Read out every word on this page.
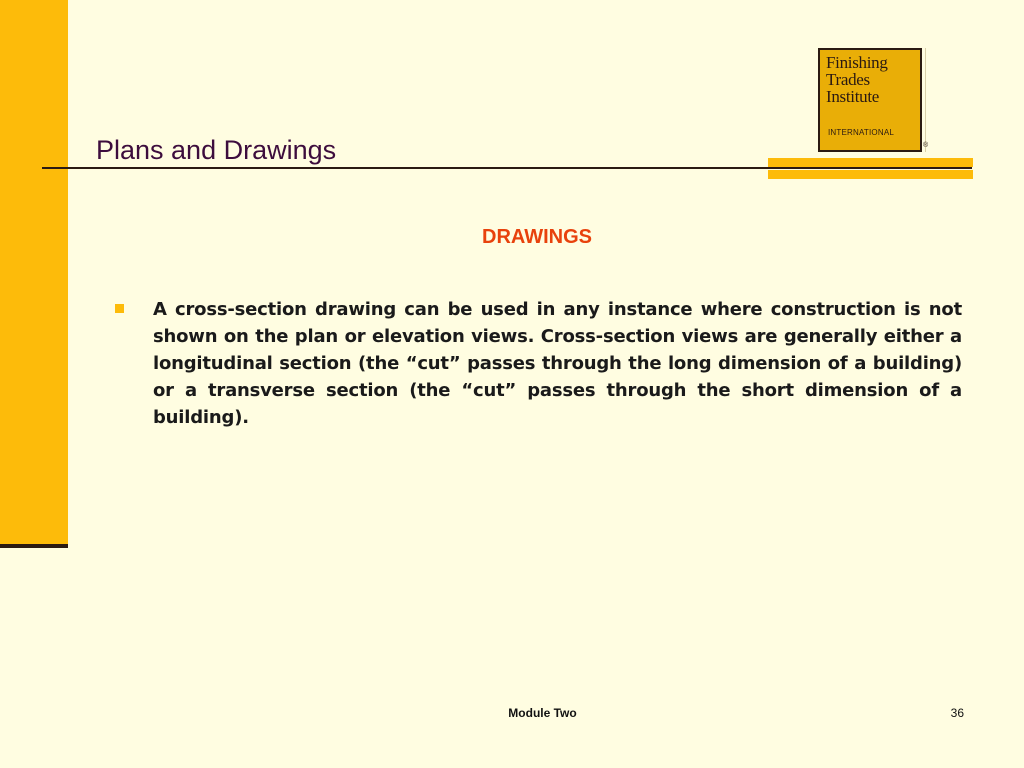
Plans and Drawings
Finishing
Trades
Institute
INTERNATIONAL
®
DRAWINGS

A cross-section drawing can be used in any instance where construction is not shown on the plan or elevation views. Cross-section views are generally either a longitudinal section (the “cut” passes through the long dimension of a building) or a transverse section (the “cut” passes through the short dimension of a building).

Module Two	36
